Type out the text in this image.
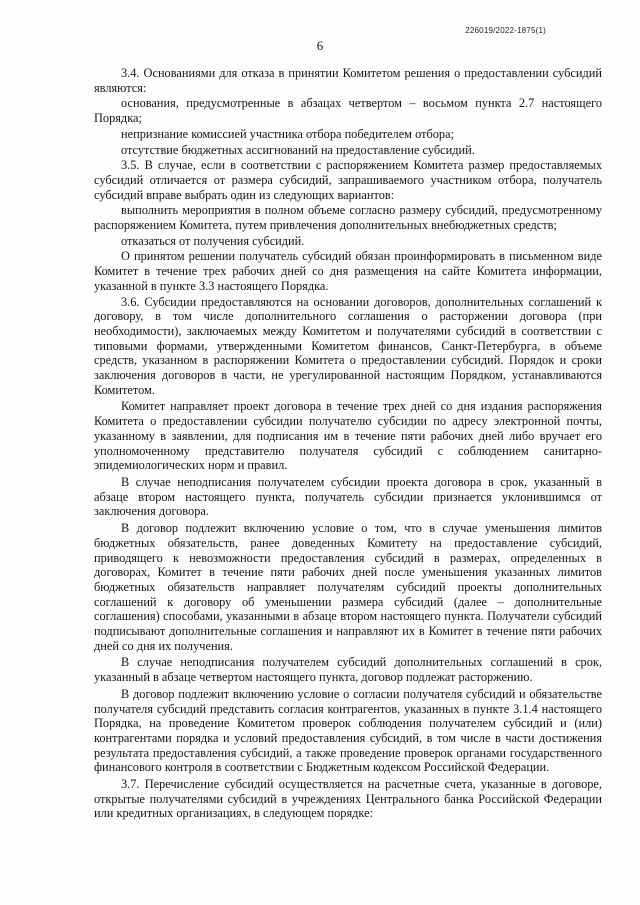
226019/2022-1875(1)
6

3.4. Основаниями для отказа в принятии Комитетом решения о предоставлении субсидий являются:

основания, предусмотренные в абзацах четвертом – восьмом пункта 2.7 настоящего Порядка;

непризнание комиссией участника отбора победителем отбора;

отсутствие бюджетных ассигнований на предоставление субсидий.

3.5. В случае, если в соответствии с распоряжением Комитета размер предоставляемых субсидий отличается от размера субсидий, запрашиваемого участником отбора, получатель субсидий вправе выбрать один из следующих вариантов:

выполнить мероприятия в полном объеме согласно размеру субсидий, предусмотренному распоряжением Комитета, путем привлечения дополнительных внебюджетных средств;

отказаться от получения субсидий.

О принятом решении получатель субсидий обязан проинформировать в письменном виде Комитет в течение трех рабочих дней со дня размещения на сайте Комитета информации, указанной в пункте 3.3 настоящего Порядка.

3.6. Субсидии предоставляются на основании договоров, дополнительных соглашений к договору, в том числе дополнительного соглашения о расторжении договора (при необходимости), заключаемых между Комитетом и получателями субсидий в соответствии с типовыми формами, утвержденными Комитетом финансов, Санкт-Петербурга, в объеме средств, указанном в распоряжении Комитета о предоставлении субсидий. Порядок и сроки заключения договоров в части, не урегулированной настоящим Порядком, устанавливаются Комитетом.

Комитет направляет проект договора в течение трех дней со дня издания распоряжения Комитета о предоставлении субсидии получателю субсидии по адресу электронной почты, указанному в заявлении, для подписания им в течение пяти рабочих дней либо вручает его уполномоченному представителю получателя субсидий с соблюдением санитарно-эпидемиологических норм и правил.

В случае неподписания получателем субсидии проекта договора в срок, указанный в абзаце втором настоящего пункта, получатель субсидии признается уклонившимся от заключения договора.

В договор подлежит включению условие о том, что в случае уменьшения лимитов бюджетных обязательств, ранее доведенных Комитету на предоставление субсидий, приводящего к невозможности предоставления субсидий в размерах, определенных в договорах, Комитет в течение пяти рабочих дней после уменьшения указанных лимитов бюджетных обязательств направляет получателям субсидий проекты дополнительных соглашений к договору об уменьшении размера субсидий (далее – дополнительные соглашения) способами, указанными в абзаце втором настоящего пункта. Получатели субсидий подписывают дополнительные соглашения и направляют их в Комитет в течение пяти рабочих дней со дня их получения.

В случае неподписания получателем субсидий дополнительных соглашений в срок, указанный в абзаце четвертом настоящего пункта, договор подлежат расторжению.

В договор подлежит включению условие о согласии получателя субсидий и обязательстве получателя субсидий представить согласия контрагентов, указанных в пункте 3.1.4 настоящего Порядка, на проведение Комитетом проверок соблюдения получателем субсидий и (или) контрагентами порядка и условий предоставления субсидий, в том числе в части достижения результата предоставления субсидий, а также проведение проверок органами государственного финансового контроля в соответствии с Бюджетным кодексом Российской Федерации.

3.7. Перечисление субсидий осуществляется на расчетные счета, указанные в договоре, открытые получателями субсидий в учреждениях Центрального банка Российской Федерации или кредитных организациях, в следующем порядке:
